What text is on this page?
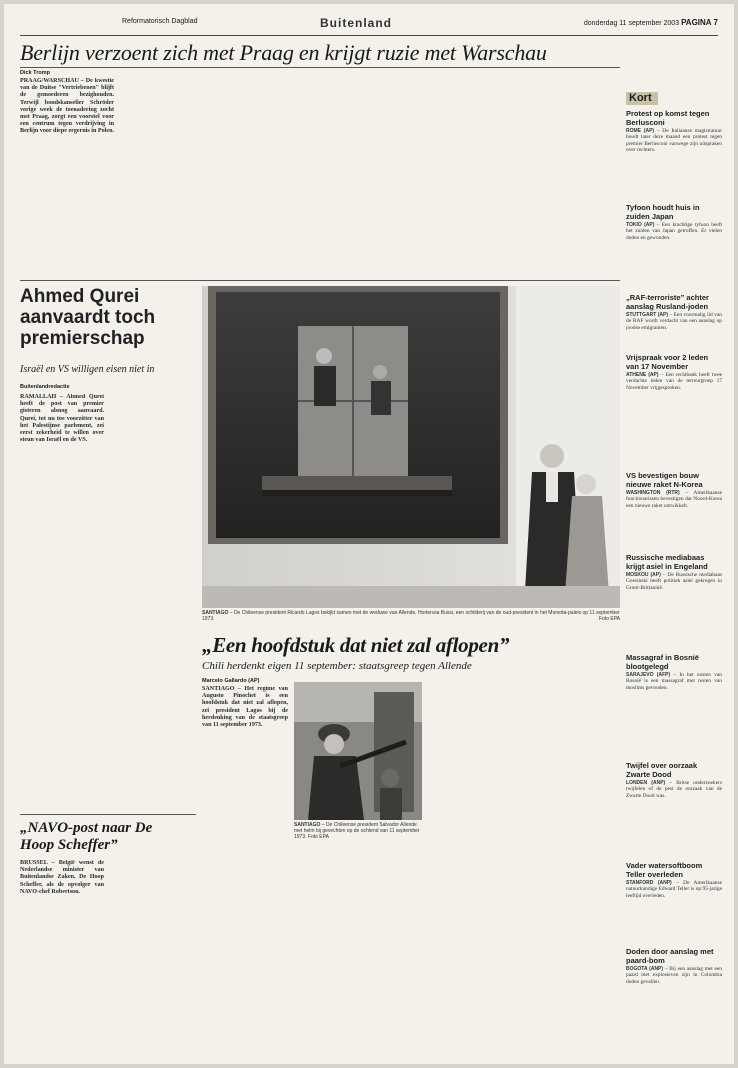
Reformatorisch Dagblad	Buitenland	donderdag 11 september 2003 PAGINA 7
Berlijn verzoent zich met Praag en krijgt ruzie met Warschau
Dick Tromp
PRAAG/WARSCHAU – De kwestie van de Duitse "Vertriebenen" blijft de gemoederen bezighouden. Terwijl bondskanselier Schröder vorige week de toenadering zocht met Praag, zorgt een voorstel voor een centrum tegen verdrijving in Berlijn voor diepe ergernis in Polen.
Ahmed Qurei aanvaardt toch premierschap
Israël en VS willigen eisen niet in
Buitenlandredactie
RAMALLAH – Ahmed Qurei heeft de post van premier gisteren alsnog aanvaard. Qurei, tot nu toe voorzitter van het Palestijnse parlement, zei eerst zekerheid te willen over steun van Israël en de VS.
SANTIAGO – De Chileense president Ricardo Lagos bekijkt samen met de weduwe van Allende, Hortensia Bussi, een schilderij van de oud-president in het Moneda-paleis op 11 september 1973.	Foto EPA
„Een hoofdstuk dat niet zal aflopen”
Chili herdenkt eigen 11 september: staatsgreep tegen Allende
Marcelo Gallardo (AP)
SANTIAGO – Het regime van Augusto Pinochet is een hoofdstuk dat niet zal aflopen, zei president Lagos bij de herdenking van de staatsgreep van 11 september 1973.
SANTIAGO – De Chileense president Salvador Allende met helm bij gevechten op de ochtend van 11 september 1973. Foto EPA
„NAVO-post naar De Hoop Scheffer”
BRUSSEL – België wenst de Nederlandse minister van Buitenlandse Zaken, De Hoop Scheffer, als de opvolger van NAVO-chef Robertson.
Kort
Protest op komst tegen Berlusconi

ROME (AP) – De Italiaanse magistratuur houdt later deze maand een protest tegen premier Berlusconi vanwege zijn uitspraken over rechters.

Tyfoon houdt huis in zuiden Japan

TOKIO (AP) – Een krachtige tyfoon heeft het zuiden van Japan getroffen. Er vielen doden en gewonden.

„RAF-terroriste” achter aanslag Rusland-joden

STUTTGART (AP) – Een voormalig lid van de RAF wordt verdacht van een aanslag op joodse emigranten.

Vrijspraak voor 2 leden van 17 November

ATHENE (AP) – Een rechtbank heeft twee verdachte leden van de terreurgroep 17 November vrijgesproken.

VS bevestigen bouw nieuwe raket N-Korea

WASHINGTON (RTR) – Amerikaanse functionarissen bevestigen dat Noord-Korea een nieuwe raket ontwikkelt.

Russische mediabaas krijgt asiel in Engeland

MOSKOU (AP) – De Russische mediabaas Goesinski heeft politiek asiel gekregen in Groot-Brittannië.

Massagraf in Bosnië blootgelegd

SARAJEVO (AFP) – In het oosten van Bosnië is een massagraf met resten van moslims gevonden.

Twijfel over oorzaak Zwarte Dood

LONDEN (ANP) – Britse onderzoekers twijfelen of de pest de oorzaak van de Zwarte Dood was.

Vader watersoftboom Teller overleden

STANFORD (ANP) – De Amerikaanse natuurkundige Edward Teller is op 95-jarige leeftijd overleden.

Doden door aanslag met paard-bom

BOGOTA (ANP) – Bij een aanslag met een paard met explosieven zijn in Colombia doden gevallen.
